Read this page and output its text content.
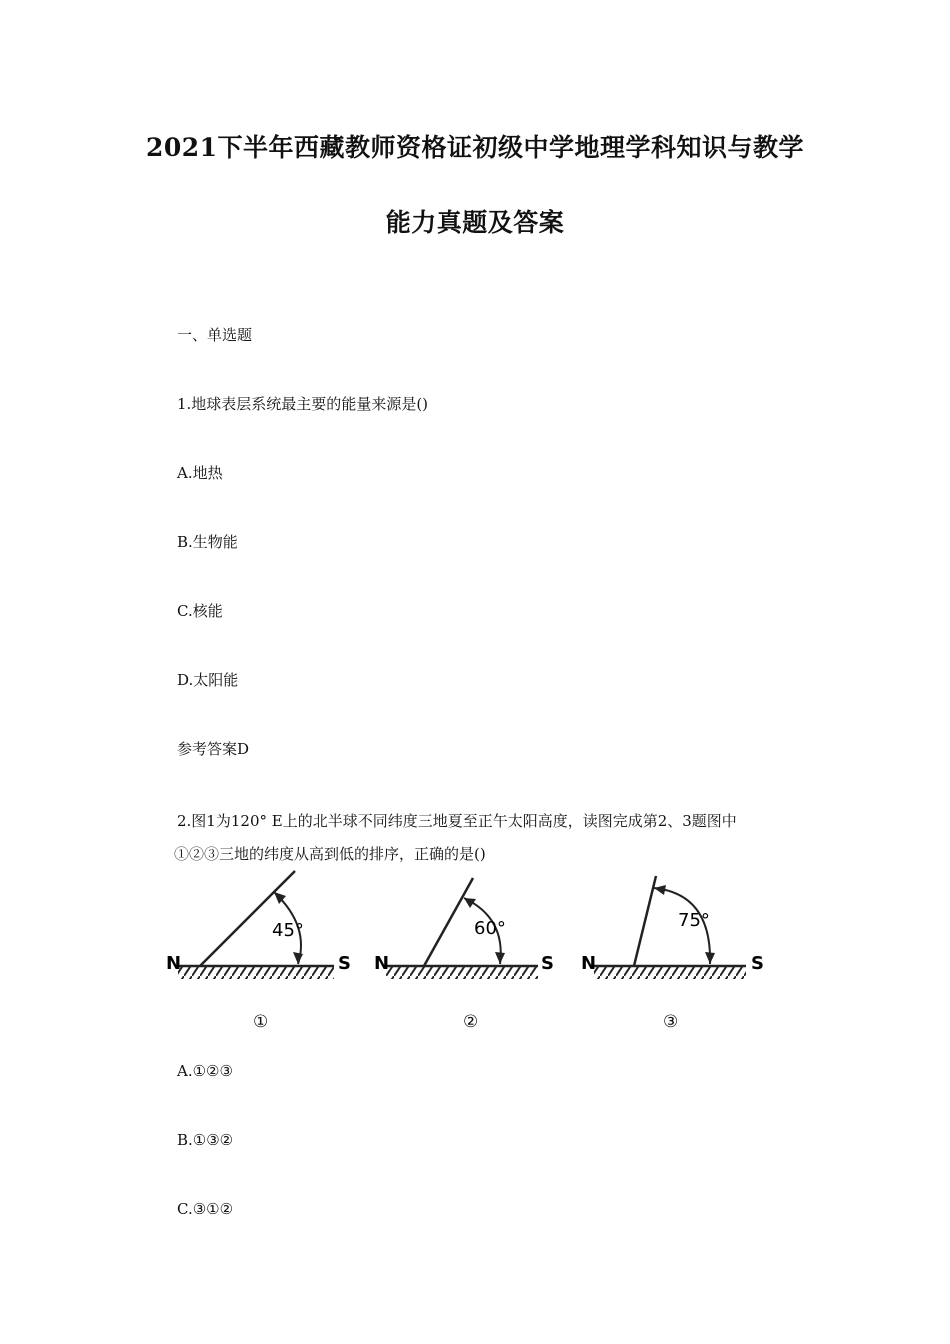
2021下半年西藏教师资格证初级中学地理学科知识与教学
能力真题及答案

一、单选题

1.地球表层系统最主要的能量来源是()

A.地热

B.生物能

C.核能

D.太阳能

参考答案D

2.图1为120° E上的北半球不同纬度三地夏至正午太阳高度，读图完成第2、3题图中
①②③三地的纬度从高到低的排序，正确的是()

45°
N	S
60°
N	S
75°
N	S
①	②	③

A.①②③

B.①③②

C.③①②
